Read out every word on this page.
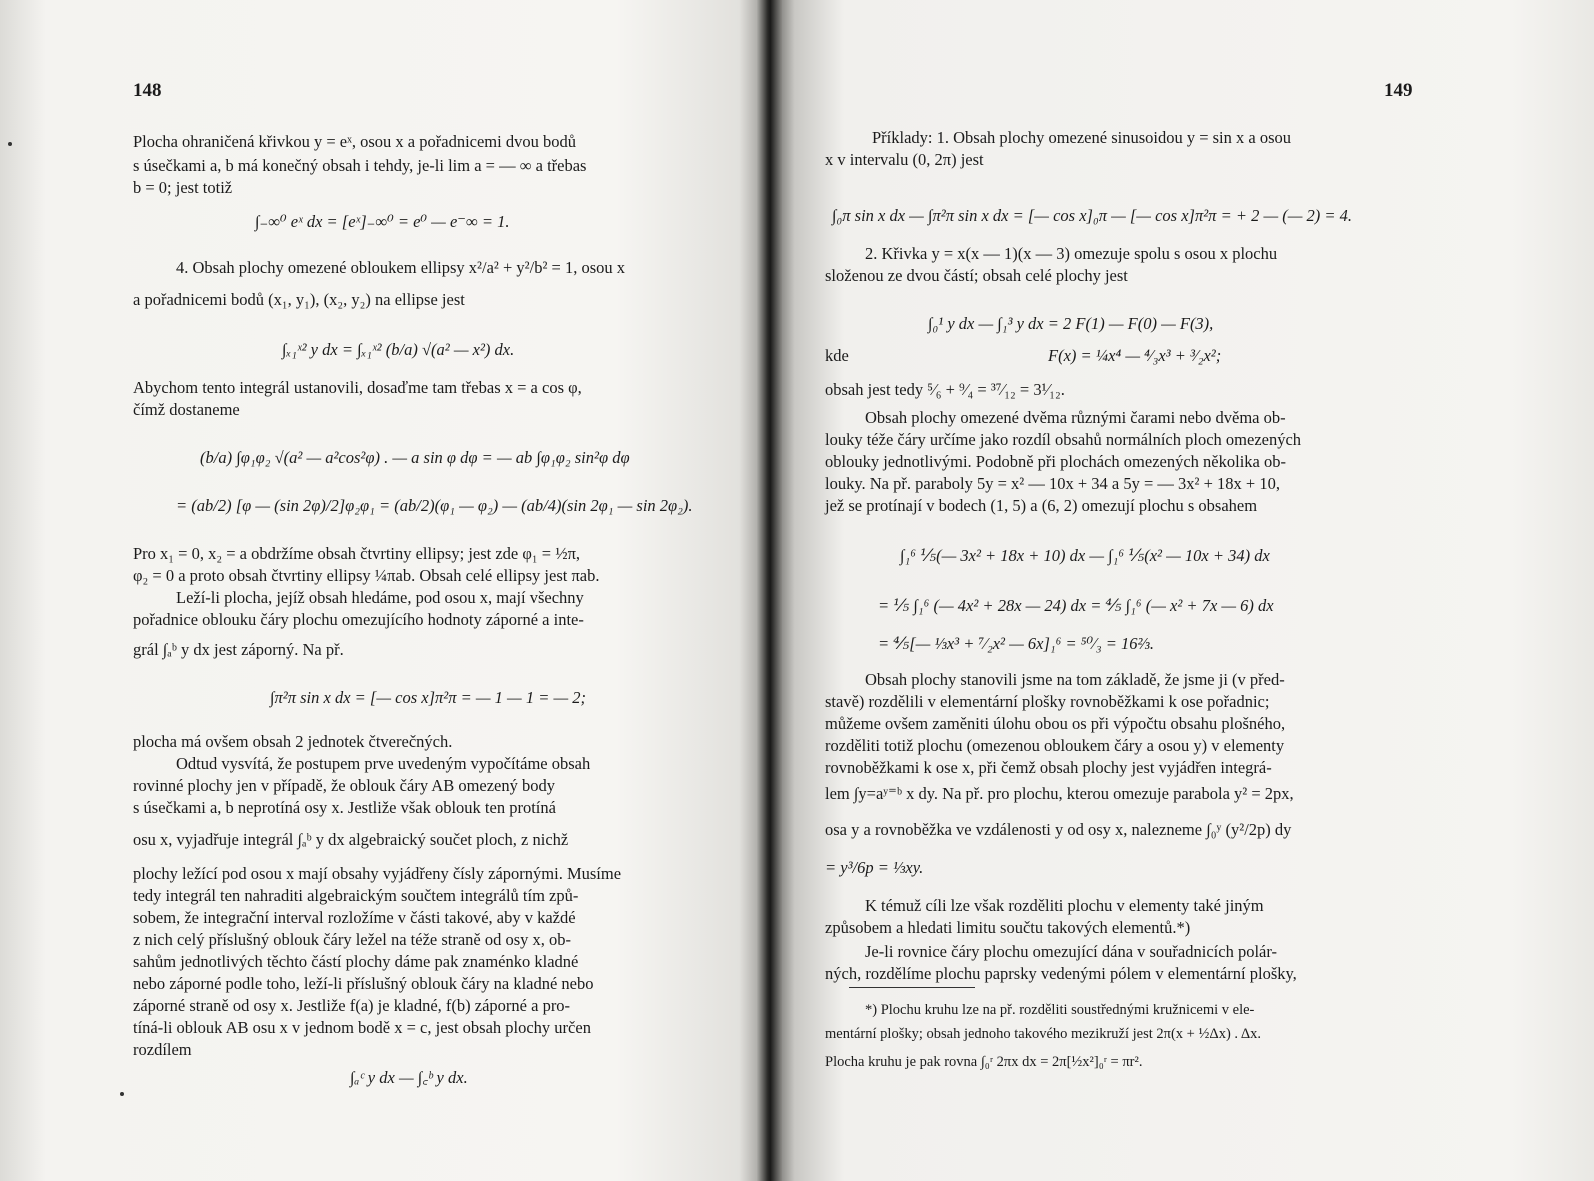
148
Plocha ohraničená křivkou y = eˣ, osou x a pořadnicemi dvou bodů
s úsečkami a, b má konečný obsah i tehdy, je-li lim a = — ∞ a třebas
b = 0; jest totiž
∫₋∞⁰ eˣ dx = [eˣ]₋∞⁰ = e⁰ — e⁻∞ = 1.
4. Obsah plochy omezené obloukem ellipsy x²/a² + y²/b² = 1, osou x
a pořadnicemi bodů (x₁, y₁), (x₂, y₂) na ellipse jest
∫ₓ₁ˣ² y dx = ∫ₓ₁ˣ² (b/a) √(a² — x²) dx.
Abychom tento integrál ustanovili, dosaďme tam třebas x = a cos φ,
čímž dostaneme
(b/a) ∫φ₁φ₂ √(a² — a²cos²φ) . — a sin φ dφ = — ab ∫φ₁φ₂ sin²φ dφ
= (ab/2) [φ — (sin 2φ)/2]φ₂φ₁ = (ab/2)(φ₁ — φ₂) — (ab/4)(sin 2φ₁ — sin 2φ₂).
Pro x₁ = 0, x₂ = a obdržíme obsah čtvrtiny ellipsy; jest zde φ₁ = ½π,
φ₂ = 0 a proto obsah čtvrtiny ellipsy ¼πab. Obsah celé ellipsy jest πab.
Leží-li plocha, jejíž obsah hledáme, pod osou x, mají všechny
pořadnice oblouku čáry plochu omezujícího hodnoty záporné a inte-
grál ∫ₐᵇ y dx jest záporný. Na př.
∫π²π sin x dx = [— cos x]π²π = — 1 — 1 = — 2;
plocha má ovšem obsah 2 jednotek čtverečných.
Odtud vysvítá, že postupem prve uvedeným vypočítáme obsah
rovinné plochy jen v případě, že oblouk čáry AB omezený body
s úsečkami a, b neprotíná osy x. Jestliže však oblouk ten protíná
osu x, vyjadřuje integrál ∫ₐᵇ y dx algebraický součet ploch, z nichž
plochy ležící pod osou x mají obsahy vyjádřeny čísly zápornými. Musíme
tedy integrál ten nahraditi algebraickým součtem integrálů tím způ-
sobem, že integrační interval rozložíme v části takové, aby v každé
z nich celý příslušný oblouk čáry ležel na téže straně od osy x, ob-
sahům jednotlivých těchto částí plochy dáme pak znaménko kladné
nebo záporné podle toho, leží-li příslušný oblouk čáry na kladné nebo
záporné straně od osy x. Jestliže f(a) je kladné, f(b) záporné a pro-
tíná-li oblouk AB osu x v jednom bodě x = c, jest obsah plochy určen
rozdílem
∫ₐᶜ y dx — ∫꜀ᵇ y dx.
149
Příklady: 1. Obsah plochy omezené sinusoidou y = sin x a osou
x v intervalu (0, 2π) jest
∫₀π sin x dx — ∫π²π sin x dx = [— cos x]₀π — [— cos x]π²π = + 2 — (— 2) = 4.
2. Křivka y = x(x — 1)(x — 3) omezuje spolu s osou x plochu
složenou ze dvou částí; obsah celé plochy jest
∫₀¹ y dx — ∫₁³ y dx = 2 F(1) — F(0) — F(3),
kde	F(x) = ¼x⁴ — ⁴⁄₃x³ + ³⁄₂x²;
obsah jest tedy ⁵⁄₆ + ⁹⁄₄ = ³⁷⁄₁₂ = 3¹⁄₁₂.
Obsah plochy omezené dvěma různými čarami nebo dvěma ob-
louky téže čáry určíme jako rozdíl obsahů normálních ploch omezených
oblouky jednotlivými. Podobně při plochách omezených několika ob-
louky. Na př. paraboly 5y = x² — 10x + 34 a 5y = — 3x² + 18x + 10,
jež se protínají v bodech (1, 5) a (6, 2) omezují plochu s obsahem
∫₁⁶ ⅕(— 3x² + 18x + 10) dx — ∫₁⁶ ⅕(x² — 10x + 34) dx
= ⅕ ∫₁⁶ (— 4x² + 28x — 24) dx = ⅘ ∫₁⁶ (— x² + 7x — 6) dx
= ⅘[— ⅓x³ + ⁷⁄₂x² — 6x]₁⁶ = ⁵⁰⁄₃ = 16⅔.
Obsah plochy stanovili jsme na tom základě, že jsme ji (v před-
stavě) rozdělili v elementární plošky rovnoběžkami k ose pořadnic;
můžeme ovšem zaměniti úlohu obou os při výpočtu obsahu plošného,
rozděliti totiž plochu (omezenou obloukem čáry a osou y) v elementy
rovnoběžkami k ose x, při čemž obsah plochy jest vyjádřen integrá-
lem ∫y=aʸ⁼ᵇ x dy. Na př. pro plochu, kterou omezuje parabola y² = 2px,
osa y a rovnoběžka ve vzdálenosti y od osy x, nalezneme ∫₀ʸ (y²/2p) dy
= y³/6p = ⅓xy.
K témuž cíli lze však rozděliti plochu v elementy také jiným
způsobem a hledati limitu součtu takových elementů.*)
Je-li rovnice čáry plochu omezující dána v souřadnicích polár-
ných, rozdělíme plochu paprsky vedenými pólem v elementární plošky,
*) Plochu kruhu lze na př. rozděliti soustřednými kružnicemi v ele-
mentární plošky; obsah jednoho takového mezikruží jest 2π(x + ½Δx) . Δx.
Plocha kruhu je pak rovna ∫₀ʳ 2πx dx = 2π[½x²]₀ʳ = πr².
